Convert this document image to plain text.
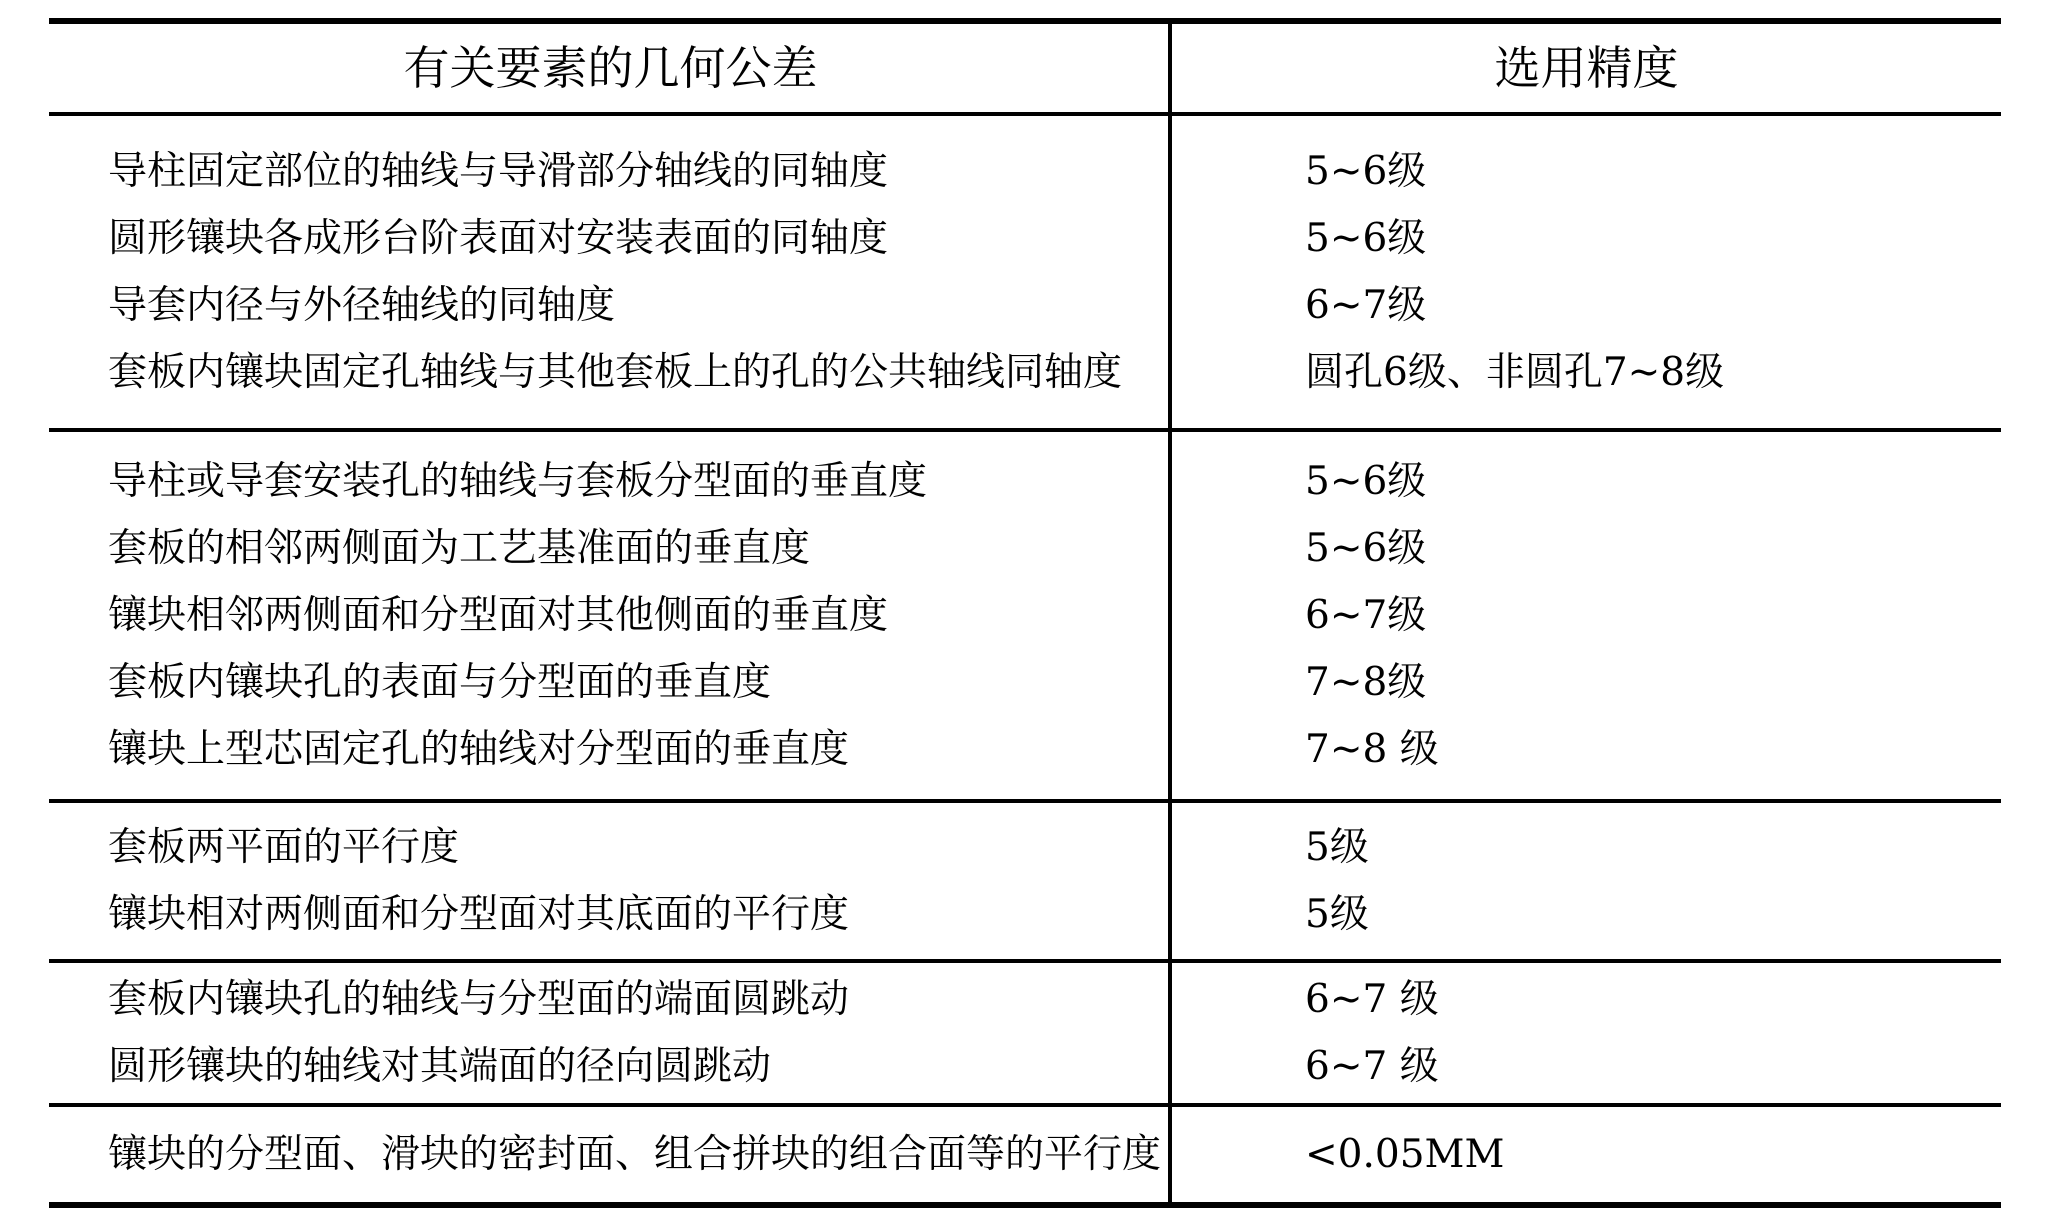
有关要素的几何公差	选用精度
导柱固定部位的轴线与导滑部分轴线的同轴度	5~6级
圆形镶块各成形台阶表面对安装表面的同轴度	5~6级
导套内径与外径轴线的同轴度	6~7级
套板内镶块固定孔轴线与其他套板上的孔的公共轴线同轴度	圆孔6级、非圆孔7~8级
导柱或导套安装孔的轴线与套板分型面的垂直度	5~6级
套板的相邻两侧面为工艺基准面的垂直度	5~6级
镶块相邻两侧面和分型面对其他侧面的垂直度	6~7级
套板内镶块孔的表面与分型面的垂直度	7~8级
镶块上型芯固定孔的轴线对分型面的垂直度	7~8 级
套板两平面的平行度	5级
镶块相对两侧面和分型面对其底面的平行度	5级
套板内镶块孔的轴线与分型面的端面圆跳动	6~7 级
圆形镶块的轴线对其端面的径向圆跳动	6~7 级
镶块的分型面、滑块的密封面、组合拼块的组合面等的平行度	<0.05MM
